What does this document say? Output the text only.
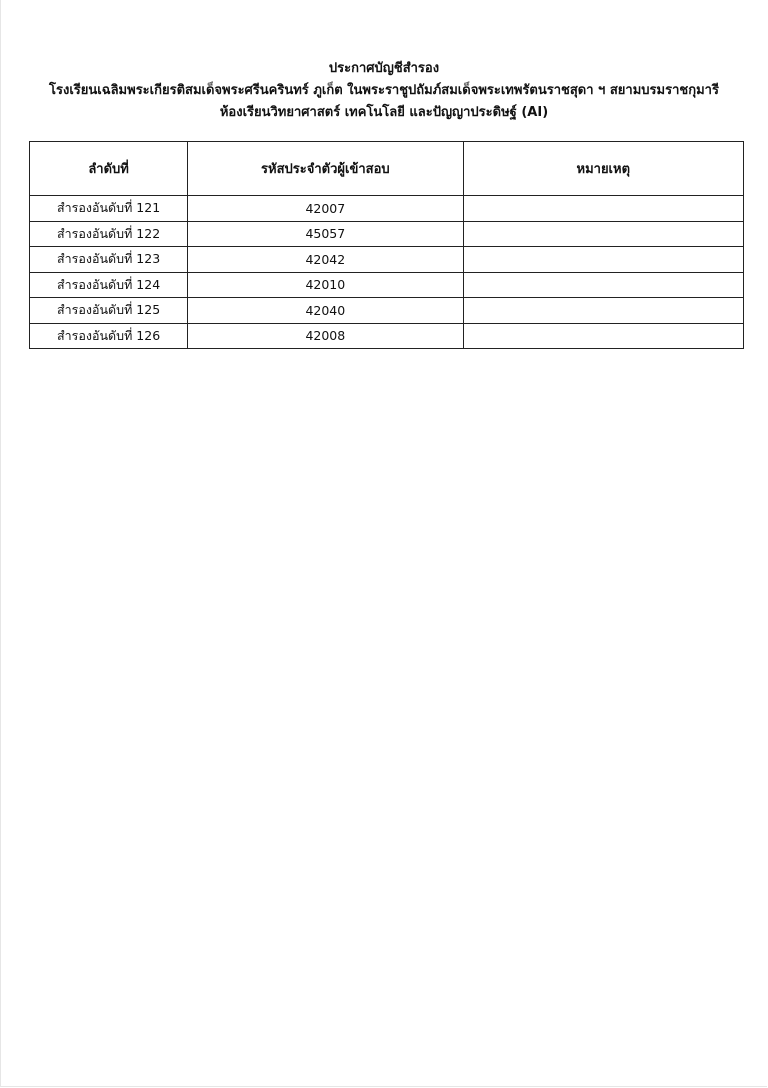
ประกาศบัญชีสำรอง
โรงเรียนเฉลิมพระเกียรติสมเด็จพระศรีนครินทร์ ภูเก็ต ในพระราชูปถัมภ์สมเด็จพระเทพรัตนราชสุดา ฯ สยามบรมราชกุมารี
ห้องเรียนวิทยาศาสตร์ เทคโนโลยี และปัญญาประดิษฐ์ (AI)
ลำดับที่	รหัสประจำตัวผู้เข้าสอบ	หมายเหตุ
สำรองอันดับที่ 121	42007	
สำรองอันดับที่ 122	45057	
สำรองอันดับที่ 123	42042	
สำรองอันดับที่ 124	42010	
สำรองอันดับที่ 125	42040	
สำรองอันดับที่ 126	42008	
